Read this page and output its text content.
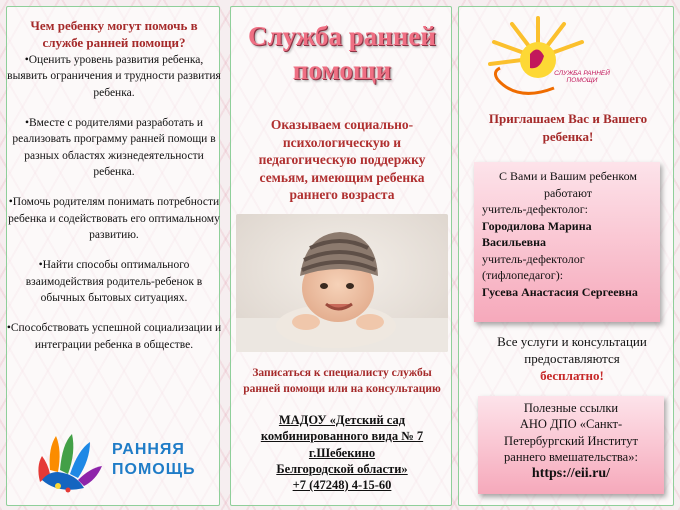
Чем ребенку могут помочь в
службе ранней помощи?
•Оценить уровень развития ребенка, выявить ограничения и трудности развития ребенка.
•Вместе с родителями разработать и реализовать программу ранней помощи в разных областях жизнедеятельности ребенка.
•Помочь родителям понимать потребности ребенка и содействовать его оптимальному развитию.
•Найти способы оптимального взаимодействия родитель-ребенок в обычных бытовых ситуациях.
•Способствовать успешной социализации и интеграции ребенка в обществе.
РАННЯЯ
ПОМОЩЬ
Служба ранней
помощи
Оказываем социально-психологическую и педагогическую поддержку семьям, имеющим ребенка раннего возраста
Записаться к специалисту службы ранней помощи или на консультацию
МАДОУ «Детский сад
комбинированного вида № 7
г.Шебекино
Белгородской области»
+7 (47248) 4-15-60
СЛУЖБА РАННЕЙ ПОМОЩИ
Приглашаем Вас и Вашего ребенка!
С Вами и Вашим ребенком работают
учитель-дефектолог:
Городилова Марина Васильевна
учитель-дефектолог (тифлопедагог):
Гусева Анастасия Сергеевна
Все услуги и консультации предоставляются
бесплатно!
Полезные ссылки
АНО ДПО «Санкт-Петербургский Институт раннего вмешательства»:
https://eii.ru/
